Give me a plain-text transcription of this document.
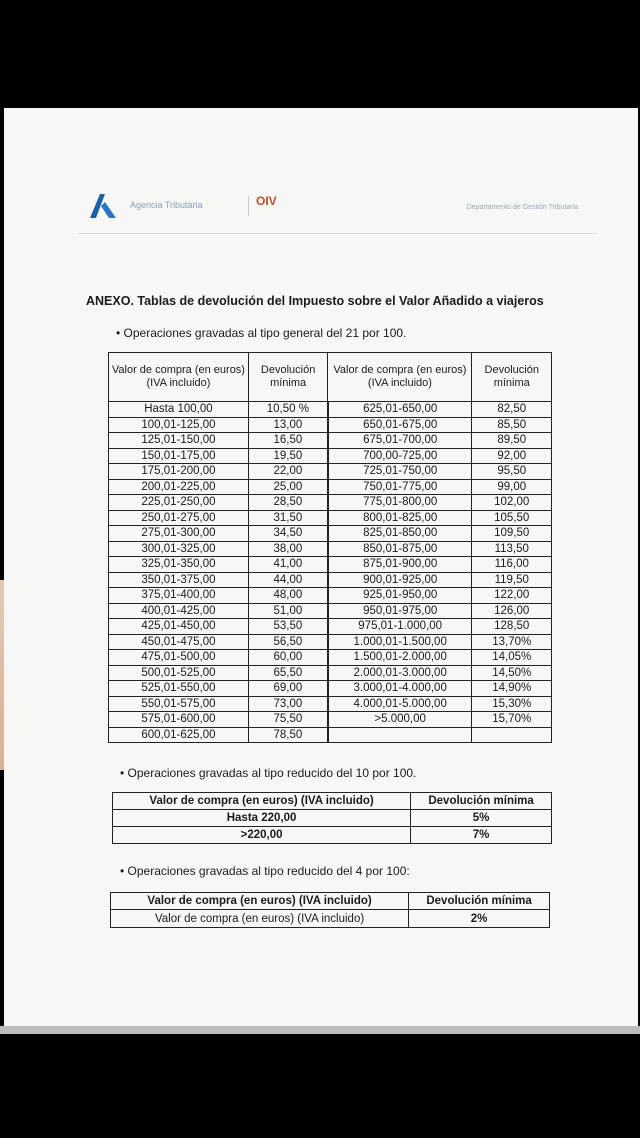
Agencia Tributaria	OIV	Departamento de Gestión Tributaria
ANEXO. Tablas de devolución del Impuesto sobre el Valor Añadido a viajeros
• Operaciones gravadas al tipo general del 21 por 100.
Valor de compra (en euros) (IVA incluido)	Devolución mínima	Valor de compra (en euros) (IVA incluido)	Devolución mínima
Hasta 100,00	10,50 %	625,01-650,00	82,50
100,01-125,00	13,00	650,01-675,00	85,50
125,01-150,00	16,50	675,01-700,00	89,50
150,01-175,00	19,50	700,00-725,00	92,00
175,01-200,00	22,00	725,01-750,00	95,50
200,01-225,00	25,00	750,01-775,00	99,00
225,01-250,00	28,50	775,01-800,00	102,00
250,01-275,00	31,50	800,01-825,00	105,50
275,01-300,00	34,50	825,01-850,00	109,50
300,01-325,00	38,00	850,01-875,00	113,50
325,01-350,00	41,00	875,01-900,00	116,00
350,01-375,00	44,00	900,01-925,00	119,50
375,01-400,00	48,00	925,01-950,00	122,00
400,01-425,00	51,00	950,01-975,00	126,00
425,01-450,00	53,50	975,01-1.000,00	128,50
450,01-475,00	56,50	1.000,01-1.500,00	13,70%
475,01-500,00	60,00	1.500,01-2.000,00	14,05%
500,01-525,00	65,50	2.000,01-3.000,00	14,50%
525,01-550,00	69,00	3.000,01-4.000,00	14,90%
550,01-575,00	73,00	4.000,01-5.000,00	15,30%
575,01-600,00	75,50	>5.000,00	15,70%
600,01-625,00	78,50		
• Operaciones gravadas al tipo reducido del 10 por 100.
Valor de compra (en euros) (IVA incluido)	Devolución mínima
Hasta 220,00	5%
>220,00	7%
• Operaciones gravadas al tipo reducido del 4 por 100:
Valor de compra (en euros) (IVA incluido)	Devolución mínima
Valor de compra (en euros) (IVA incluido)	2%
